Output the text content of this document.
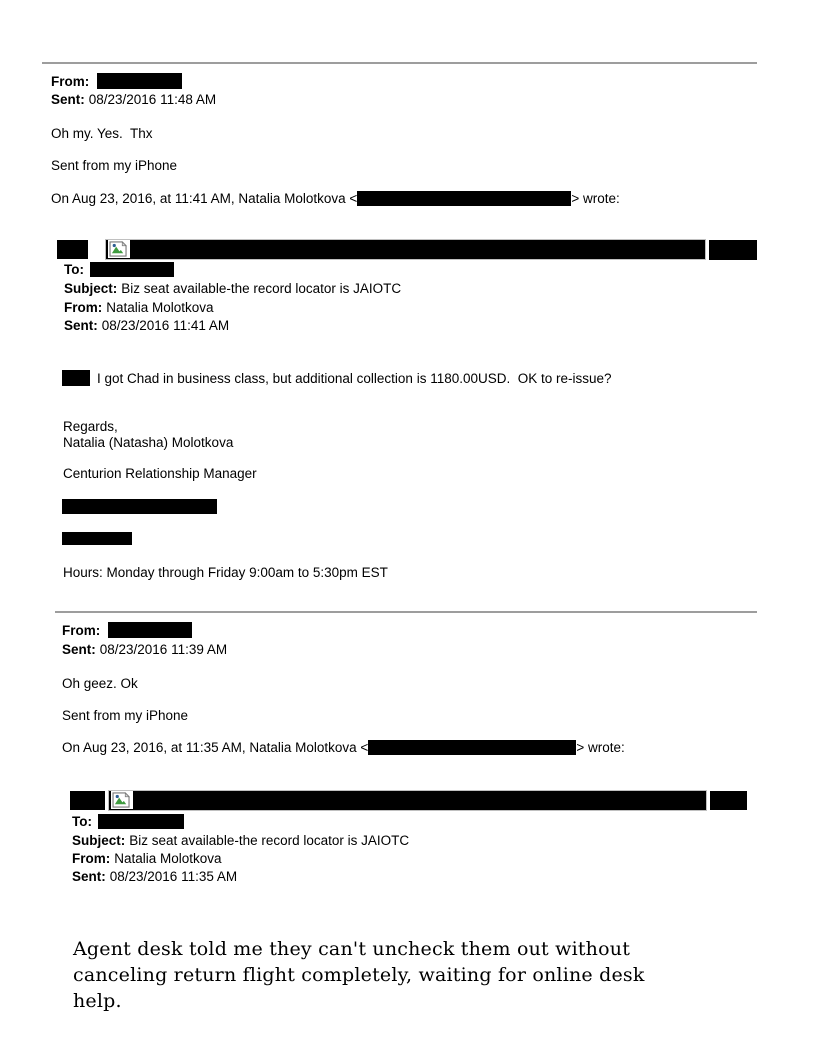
From:
Sent: 08/23/2016 11:48 AM
Oh my. Yes.  Thx
Sent from my iPhone
On Aug 23, 2016, at 11:41 AM, Natalia Molotkova <	> wrote:
To:
Subject: Biz seat available-the record locator is JAIOTC
From: Natalia Molotkova
Sent: 08/23/2016 11:41 AM
I got Chad in business class, but additional collection is 1180.00USD.  OK to re-issue?
Regards,
Natalia (Natasha) Molotkova
Centurion Relationship Manager
Hours: Monday through Friday 9:00am to 5:30pm EST
From:
Sent: 08/23/2016 11:39 AM
Oh geez. Ok
Sent from my iPhone
On Aug 23, 2016, at 11:35 AM, Natalia Molotkova <	> wrote:
To:
Subject: Biz seat available-the record locator is JAIOTC
From: Natalia Molotkova
Sent: 08/23/2016 11:35 AM
Agent desk told me they can't uncheck them out without
canceling return flight completely, waiting for online desk
help.
